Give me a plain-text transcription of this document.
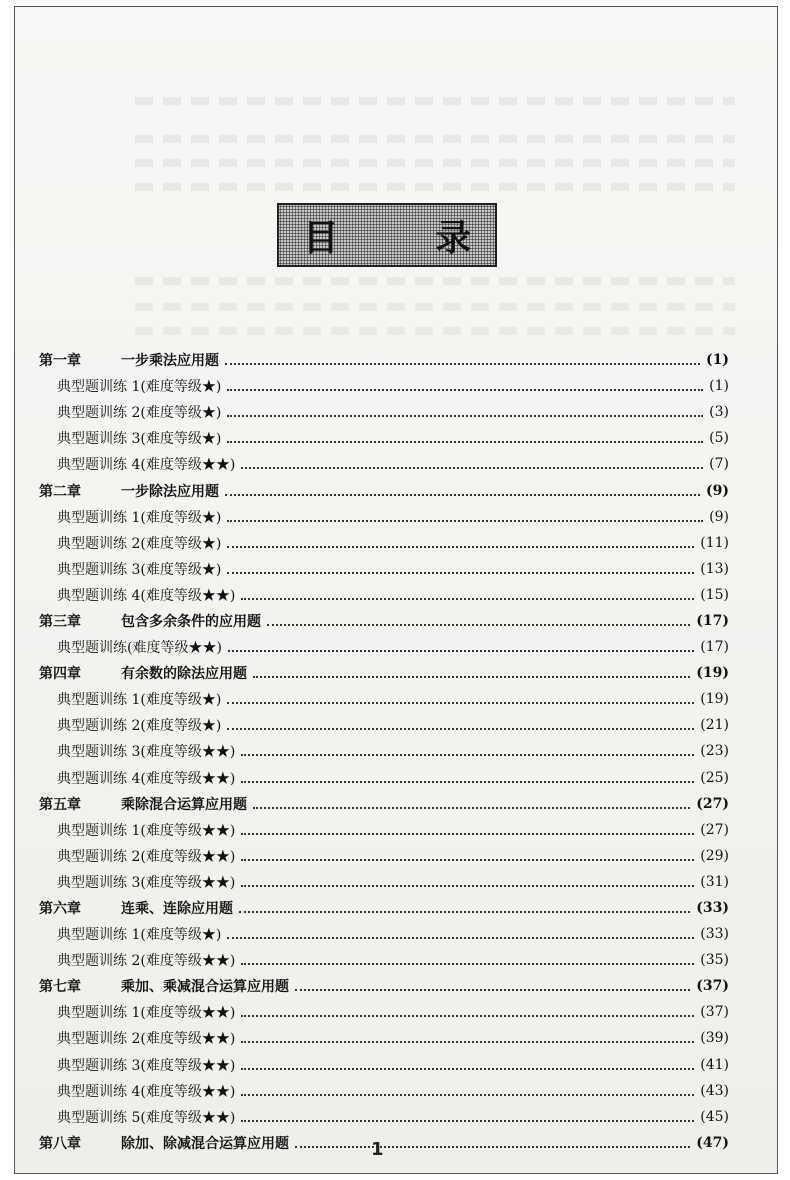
目 录
第一章	一步乘法应用题	(1)
典型题训练 1(难度等级★)	(1)
典型题训练 2(难度等级★)	(3)
典型题训练 3(难度等级★)	(5)
典型题训练 4(难度等级★★)	(7)
第二章	一步除法应用题	(9)
典型题训练 1(难度等级★)	(9)
典型题训练 2(难度等级★)	(11)
典型题训练 3(难度等级★)	(13)
典型题训练 4(难度等级★★)	(15)
第三章	包含多余条件的应用题	(17)
典型题训练(难度等级★★)	(17)
第四章	有余数的除法应用题	(19)
典型题训练 1(难度等级★)	(19)
典型题训练 2(难度等级★)	(21)
典型题训练 3(难度等级★★)	(23)
典型题训练 4(难度等级★★)	(25)
第五章	乘除混合运算应用题	(27)
典型题训练 1(难度等级★★)	(27)
典型题训练 2(难度等级★★)	(29)
典型题训练 3(难度等级★★)	(31)
第六章	连乘、连除应用题	(33)
典型题训练 1(难度等级★)	(33)
典型题训练 2(难度等级★★)	(35)
第七章	乘加、乘减混合运算应用题	(37)
典型题训练 1(难度等级★★)	(37)
典型题训练 2(难度等级★★)	(39)
典型题训练 3(难度等级★★)	(41)
典型题训练 4(难度等级★★)	(43)
典型题训练 5(难度等级★★)	(45)
第八章	除加、除减混合运算应用题	(47)
1
